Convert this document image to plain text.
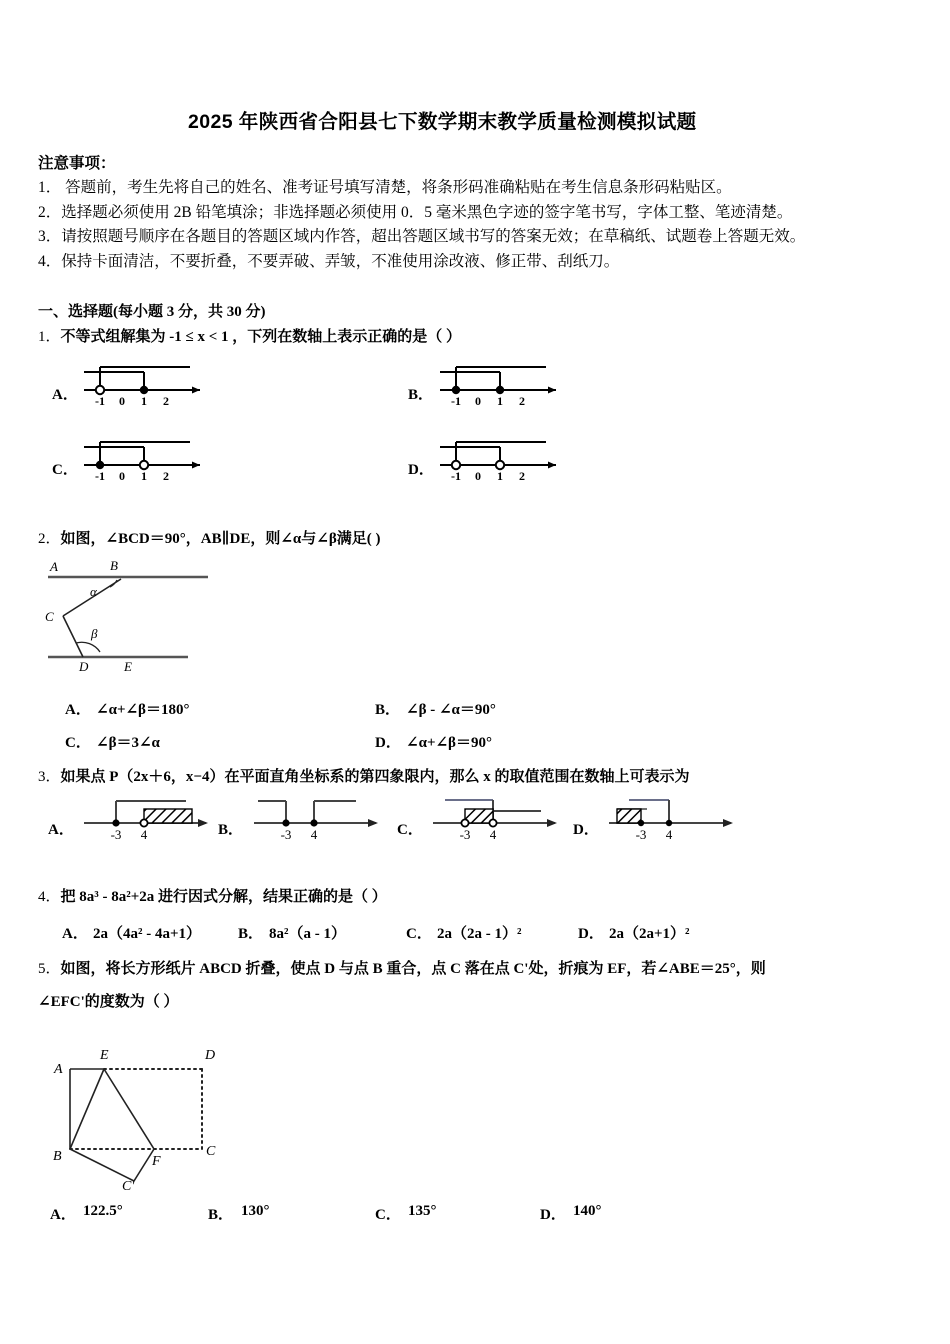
2025 年陕西省合阳县七下数学期末教学质量检测模拟试题
注意事项：
1． 答题前，考生先将自己的姓名、准考证号填写清楚，将条形码准确粘贴在考生信息条形码粘贴区。
2．选择题必须使用 2B 铅笔填涂；非选择题必须使用 0．5 毫米黑色字迹的签字笔书写，字体工整、笔迹清楚。
3．请按照题号顺序在各题目的答题区域内作答，超出答题区域书写的答案无效；在草稿纸、试题卷上答题无效。
4．保持卡面清洁，不要折叠，不要弄破、弄皱，不准使用涂改液、修正带、刮纸刀。
一、选择题(每小题 3 分，共 30 分)
1．不等式组解集为 -1 ≤ x < 1 ，下列在数轴上表示正确的是（ ）
A． -1 0 1 2	B． -1 0 1 2
C． -1 0 1 2	D． -1 0 1 2
2．如图，∠BCD＝90°，AB∥DE，则∠α与∠β满足( )
A	B
C
D	E
α
β
A． ∠α+∠β＝180°	B． ∠β - ∠α＝90°
C． ∠β＝3∠α	D． ∠α+∠β＝90°
3．如果点 P（2x＋6，x−4）在平面直角坐标系的第四象限内，那么 x 的取值范围在数轴上可表示为
A．	-3 4	B．	-3 4	C．	-3 4	D．	-3 4
4．把 8a³ - 8a²+2a 进行因式分解，结果正确的是（ ）
A． 2a（4a² - 4a+1） B． 8a²（a - 1）	C． 2a（2a - 1）²	D． 2a（2a+1）²
5．如图，将长方形纸片 ABCD 折叠，使点 D 与点 B 重合，点 C 落在点 C'处，折痕为 EF，若∠ABE＝25°，则
∠EFC'的度数为（ ）
A
E	D
B	F
C
C'
A． 122.5°	B． 130°	C． 135°	D． 140°
